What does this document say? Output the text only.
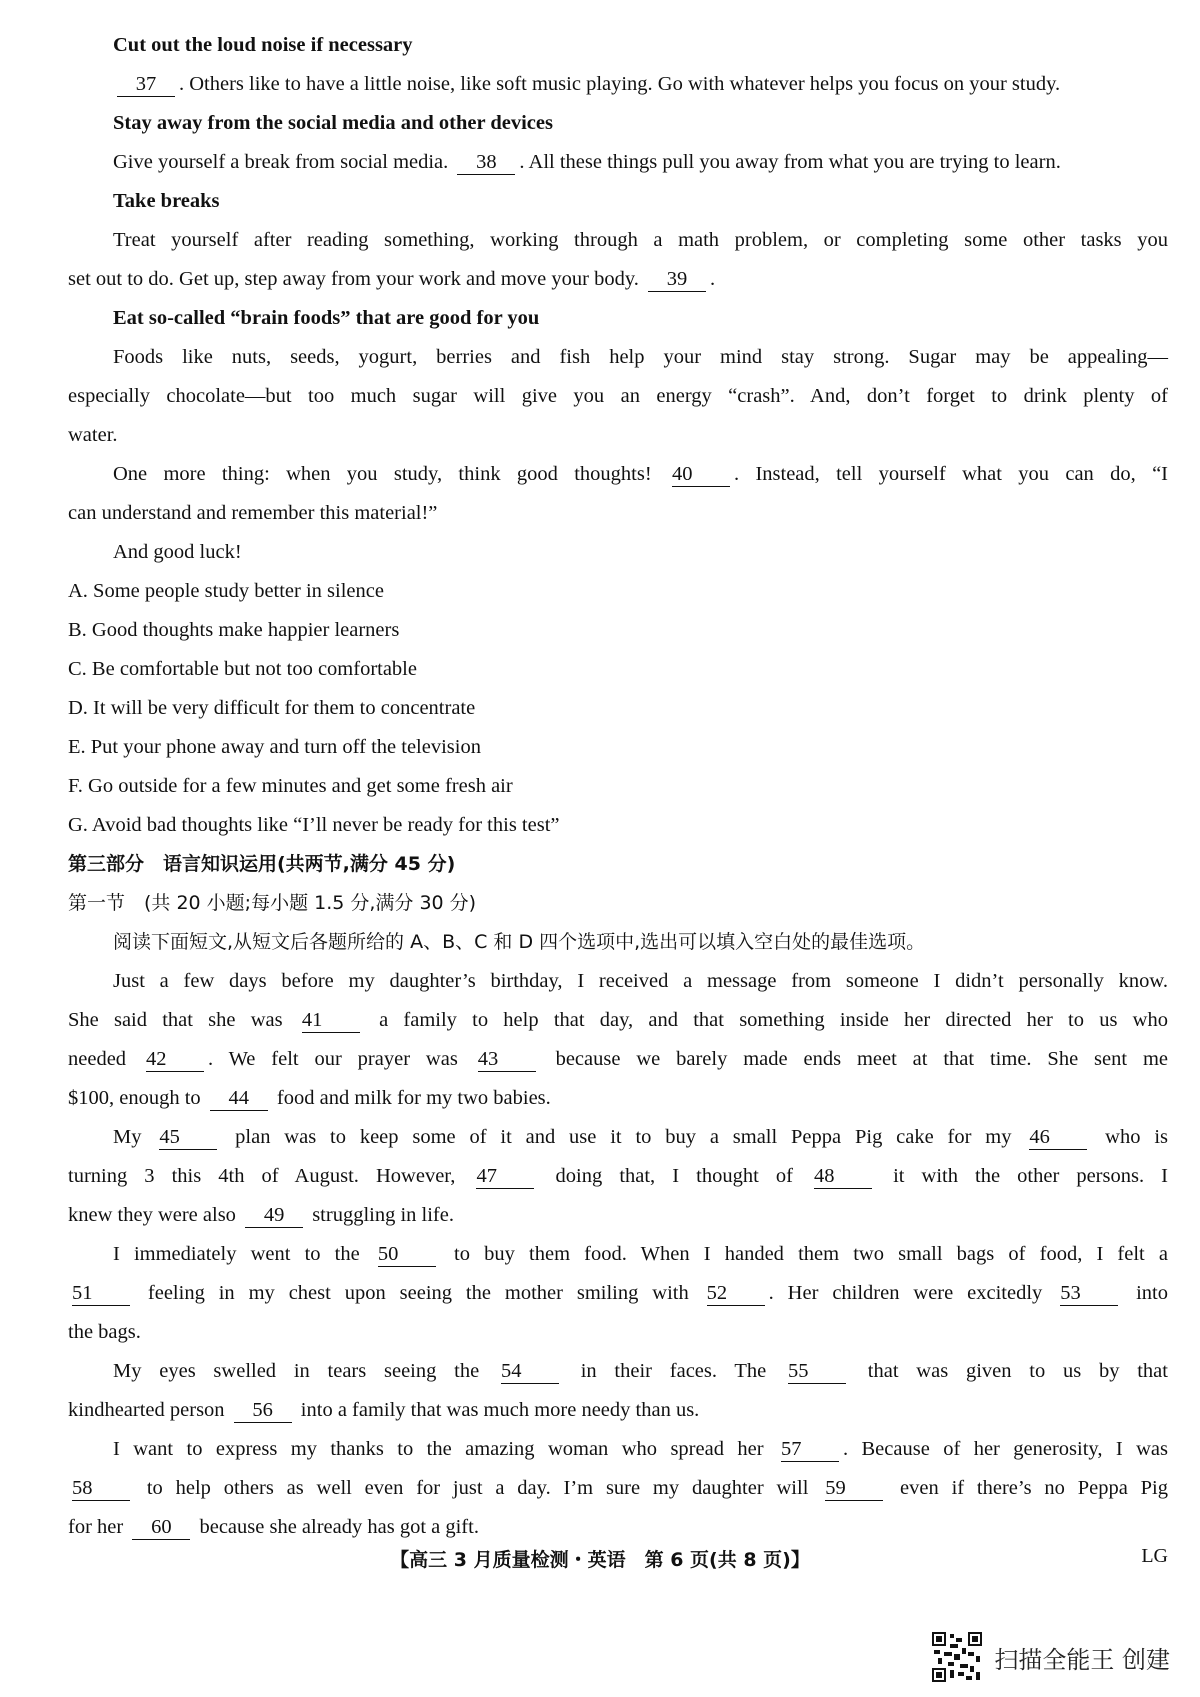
Cut out the loud noise if necessary
37 . Others like to have a little noise, like soft music playing. Go with whatever helps you focus on your study.
Stay away from the social media and other devices
Give yourself a break from social media. 38 . All these things pull you away from what you are trying to learn.
Take breaks
Treat yourself after reading something, working through a math problem, or completing some other tasks you
set out to do. Get up, step away from your work and move your body. 39 .
Eat so-called “brain foods” that are good for you
Foods like nuts, seeds, yogurt, berries and fish help your mind stay strong. Sugar may be appealing—
especially chocolate—but too much sugar will give you an energy “crash”. And, don’t forget to drink plenty of
water.
One more thing: when you study, think good thoughts! 40 . Instead, tell yourself what you can do, “I
can understand and remember this material!”
And good luck!
A. Some people study better in silence
B. Good thoughts make happier learners
C. Be comfortable but not too comfortable
D. It will be very difficult for them to concentrate
E. Put your phone away and turn off the television
F. Go outside for a few minutes and get some fresh air
G. Avoid bad thoughts like “I’ll never be ready for this test”
第三部分　语言知识运用(共两节,满分 45 分)
第一节　(共 20 小题;每小题 1.5 分,满分 30 分)
阅读下面短文,从短文后各题所给的 A、B、C 和 D 四个选项中,选出可以填入空白处的最佳选项。
Just a few days before my daughter’s birthday, I received a message from someone I didn’t personally know.
She said that she was 41 a family to help that day, and that something inside her directed her to us who
needed 42 . We felt our prayer was 43 because we barely made ends meet at that time. She sent me
$100, enough to 44 food and milk for my two babies.
My 45 plan was to keep some of it and use it to buy a small Peppa Pig cake for my 46 who is
turning 3 this 4th of August. However, 47 doing that, I thought of 48 it with the other persons. I
knew they were also 49 struggling in life.
I immediately went to the 50 to buy them food. When I handed them two small bags of food, I felt a
51 feeling in my chest upon seeing the mother smiling with 52 . Her children were excitedly 53 into
the bags.
My eyes swelled in tears seeing the 54 in their faces. The 55 that was given to us by that
kindhearted person 56 into a family that was much more needy than us.
I want to express my thanks to the amazing woman who spread her 57 . Because of her generosity, I was
58 to help others as well even for just a day. I’m sure my daughter will 59 even if there’s no Peppa Pig
for her 60 because she already has got a gift.
【高三 3 月质量检测・英语　第 6 页(共 8 页)】	LG
扫描全能王 创建
